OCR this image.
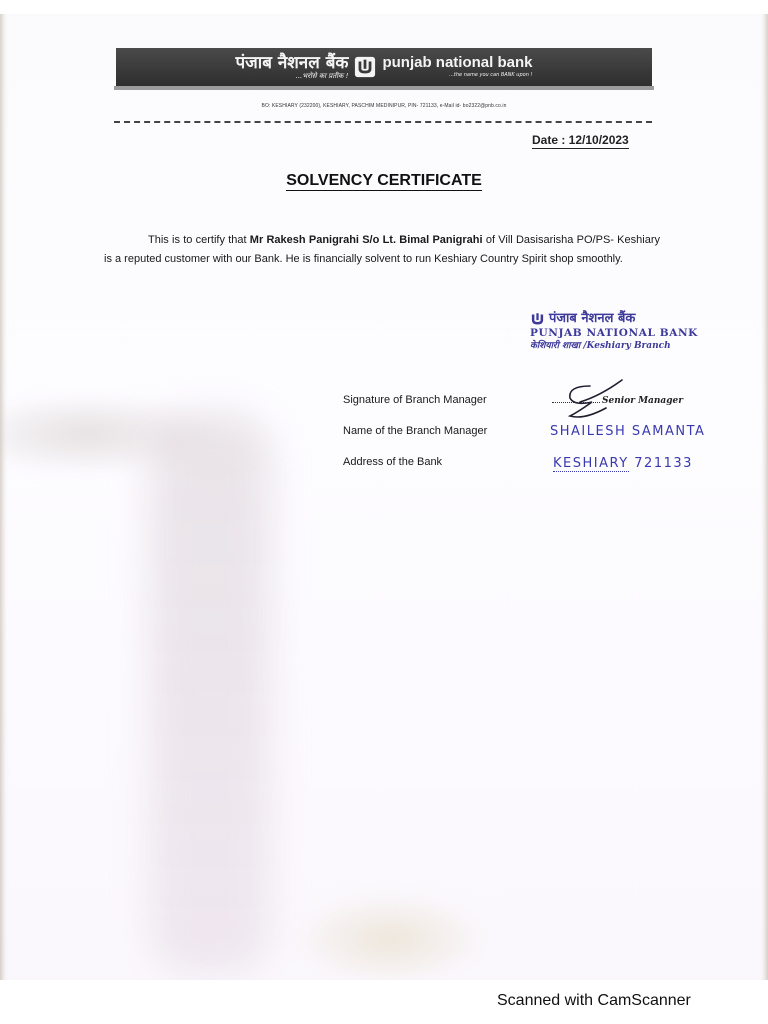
पंजाब नैशनल बैंक
...भरोसे का प्रतीक !
punjab national bank
...the name you can BANK upon !
BO: KESHIARY (232200), KESHIARY, PASCHIM MEDINIPUR, PIN- 721133, e-Mail id- bo2322@pnb.co.in
Date : 12/10/2023
SOLVENCY CERTIFICATE
This is to certify that Mr Rakesh Panigrahi S/o Lt. Bimal Panigrahi of Vill Dasisarisha PO/PS- Keshiary is a reputed customer with our Bank. He is financially solvent to run Keshiary Country Spirit shop smoothly.
पंजाब नैशनल बैंक
PUNJAB NATIONAL BANK
केशियारी शाखा /Keshiary Branch
Signature of Branch Manager
Name of the Branch Manager
Address of the Bank
Senior Manager
SHAILESH SAMANTA
KESHIARY 721133
Scanned with CamScanner
